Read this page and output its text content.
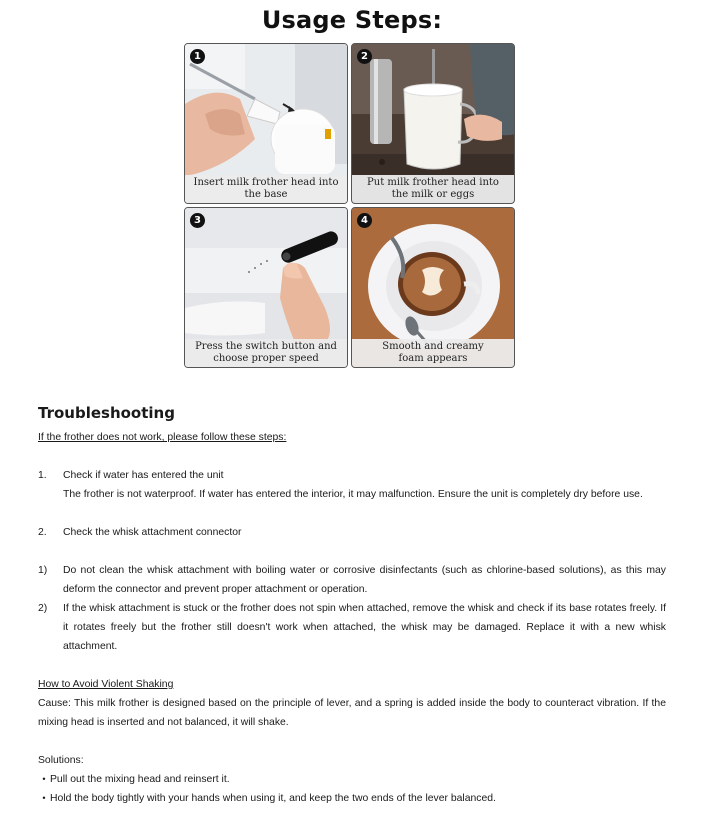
Usage Steps:
1
Insert milk frother head into
the base
2
Put milk frother head into
the milk or eggs
3
Press the switch button and
choose proper speed
4
Smooth and creamy
foam appears
Troubleshooting
If the frother does not work, please follow these steps:
1.	Check if water has entered the unit
The frother is not waterproof. If water has entered the interior, it may malfunction. Ensure the unit is completely dry before use.
2.	Check the whisk attachment connector
1)	Do not clean the whisk attachment with boiling water or corrosive disinfectants (such as chlorine-based solutions), as this may deform the connector and prevent proper attachment or operation.
2)	If the whisk attachment is stuck or the frother does not spin when attached, remove the whisk and check if its base rotates freely. If it rotates freely but the frother still doesn't work when attached, the whisk may be damaged. Replace it with a new whisk attachment.
How to Avoid Violent Shaking
Cause: This milk frother is designed based on the principle of lever, and a spring is added inside the body to counteract vibration. If the mixing head is inserted and not balanced, it will shake.
Solutions:
• Pull out the mixing head and reinsert it.
• Hold the body tightly with your hands when using it, and keep the two ends of the lever balanced.
